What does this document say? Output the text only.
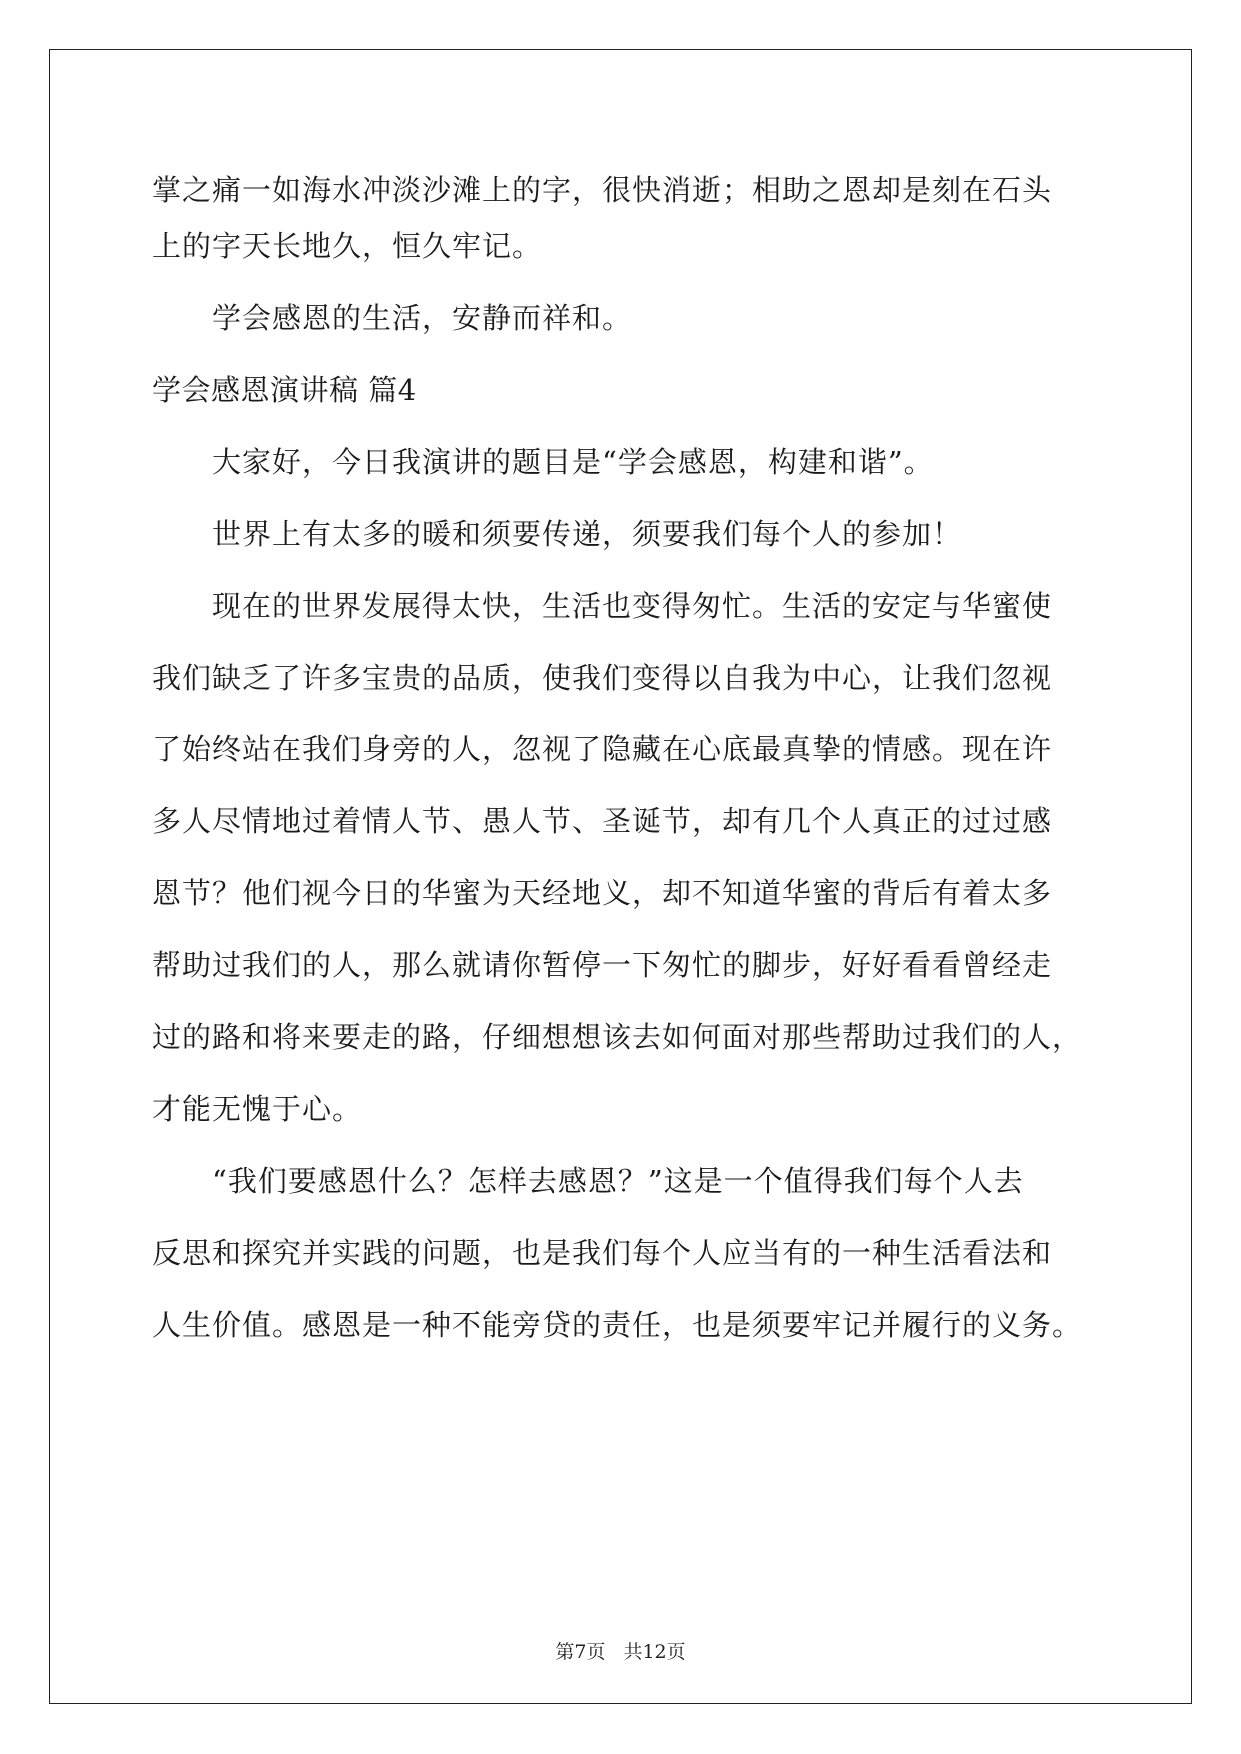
掌之痛一如海水冲淡沙滩上的字，很快消逝；相助之恩却是刻在石头
上的字天长地久，恒久牢记。
学会感恩的生活，安静而祥和。
学会感恩演讲稿 篇4
大家好，今日我演讲的题目是“学会感恩，构建和谐”。
世界上有太多的暖和须要传递，须要我们每个人的参加！
现在的世界发展得太快，生活也变得匆忙。生活的安定与华蜜使
我们缺乏了许多宝贵的品质，使我们变得以自我为中心，让我们忽视
了始终站在我们身旁的人，忽视了隐藏在心底最真挚的情感。现在许
多人尽情地过着情人节、愚人节、圣诞节，却有几个人真正的过过感
恩节？他们视今日的华蜜为天经地义，却不知道华蜜的背后有着太多
帮助过我们的人，那么就请你暂停一下匆忙的脚步，好好看看曾经走
过的路和将来要走的路，仔细想想该去如何面对那些帮助过我们的人，
才能无愧于心。
“我们要感恩什么？怎样去感恩？”这是一个值得我们每个人去
反思和探究并实践的问题，也是我们每个人应当有的一种生活看法和
人生价值。感恩是一种不能旁贷的责任，也是须要牢记并履行的义务。
第7页 共12页
